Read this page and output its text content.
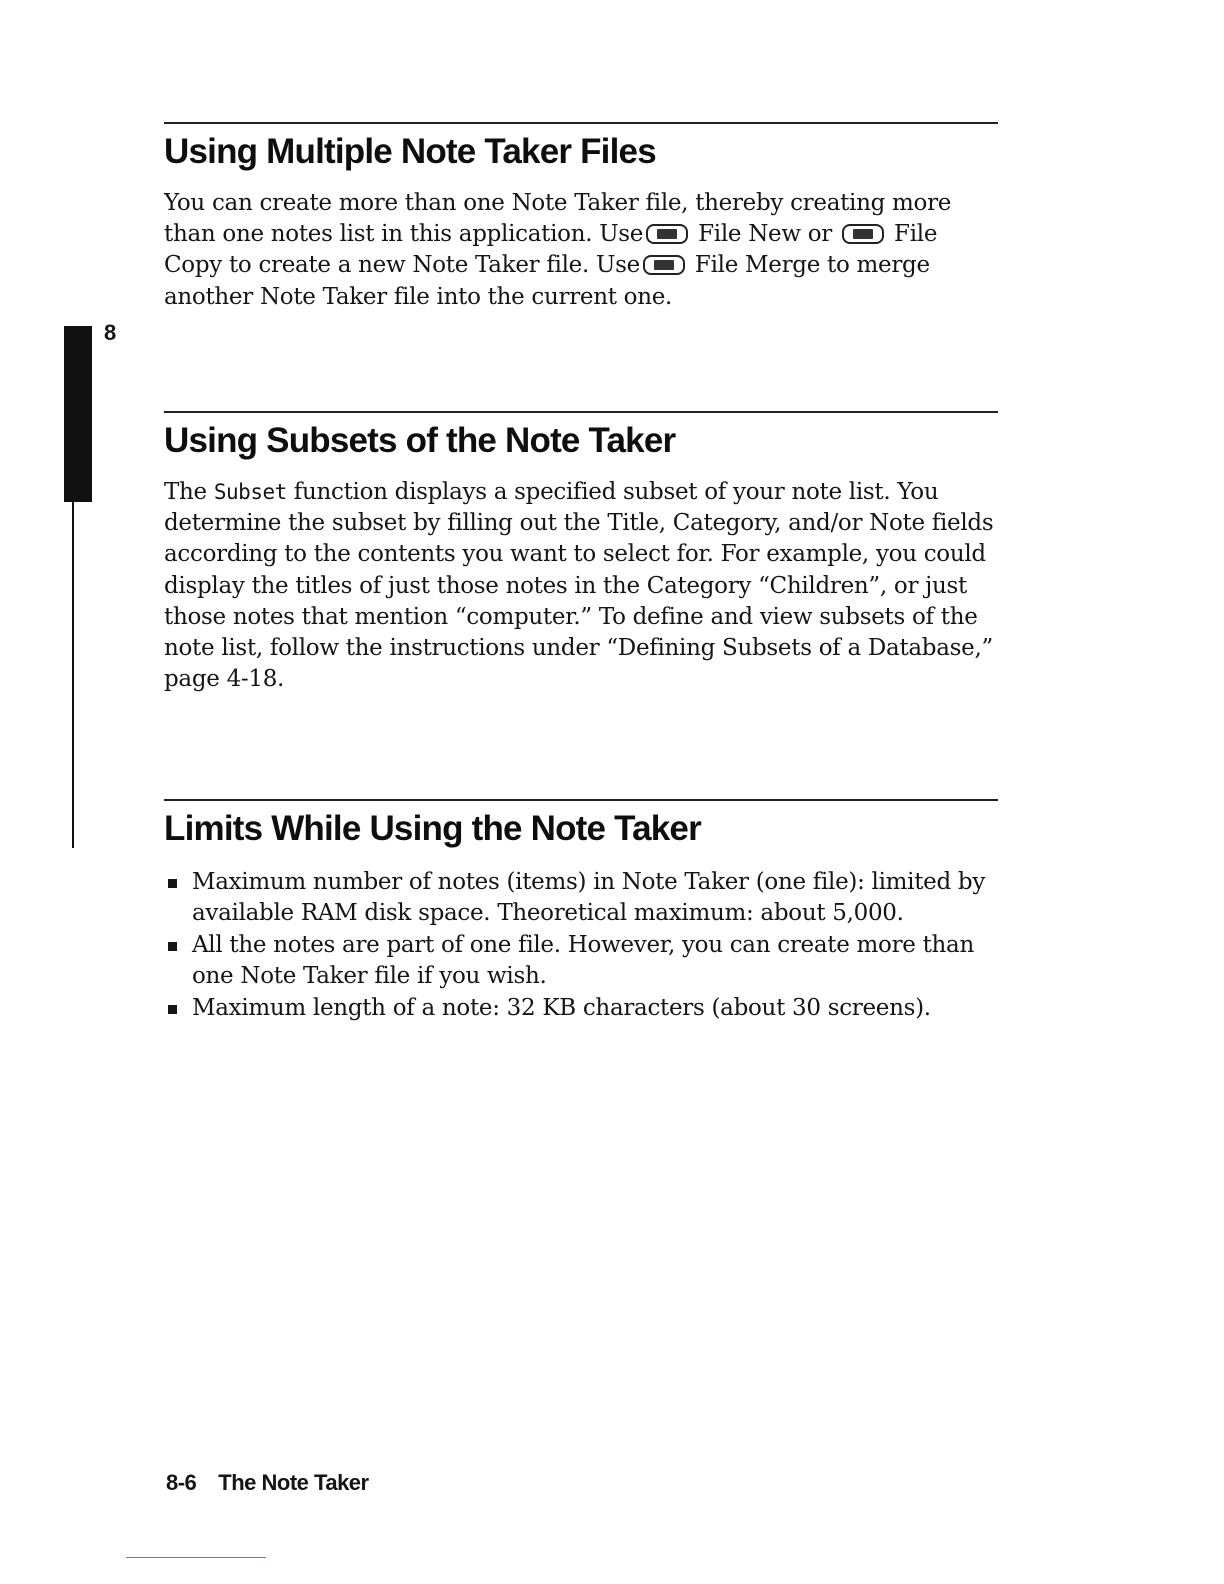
8
Using Multiple Note Taker Files

You can create more than one Note Taker file, thereby creating more than one notes list in this application. Use File New or  File Copy to create a new Note Taker file. Use File Merge to merge another Note Taker file into the current one.

Using Subsets of the Note Taker

The Subset function displays a specified subset of your note list. You determine the subset by filling out the Title, Category, and/or Note fields according to the contents you want to select for. For example, you could display the titles of just those notes in the Category “Children”, or just those notes that mention “computer.” To define and view subsets of the note list, follow the instructions under “Defining Subsets of a Database,” page 4-18.

Limits While Using the Note Taker
Maximum number of notes (items) in Note Taker (one file): limited by available RAM disk space. Theoretical maximum: about 5,000.
All the notes are part of one file. However, you can create more than one Note Taker file if you wish.
Maximum length of a note: 32 KB characters (about 30 screens).
8-6 The Note Taker
